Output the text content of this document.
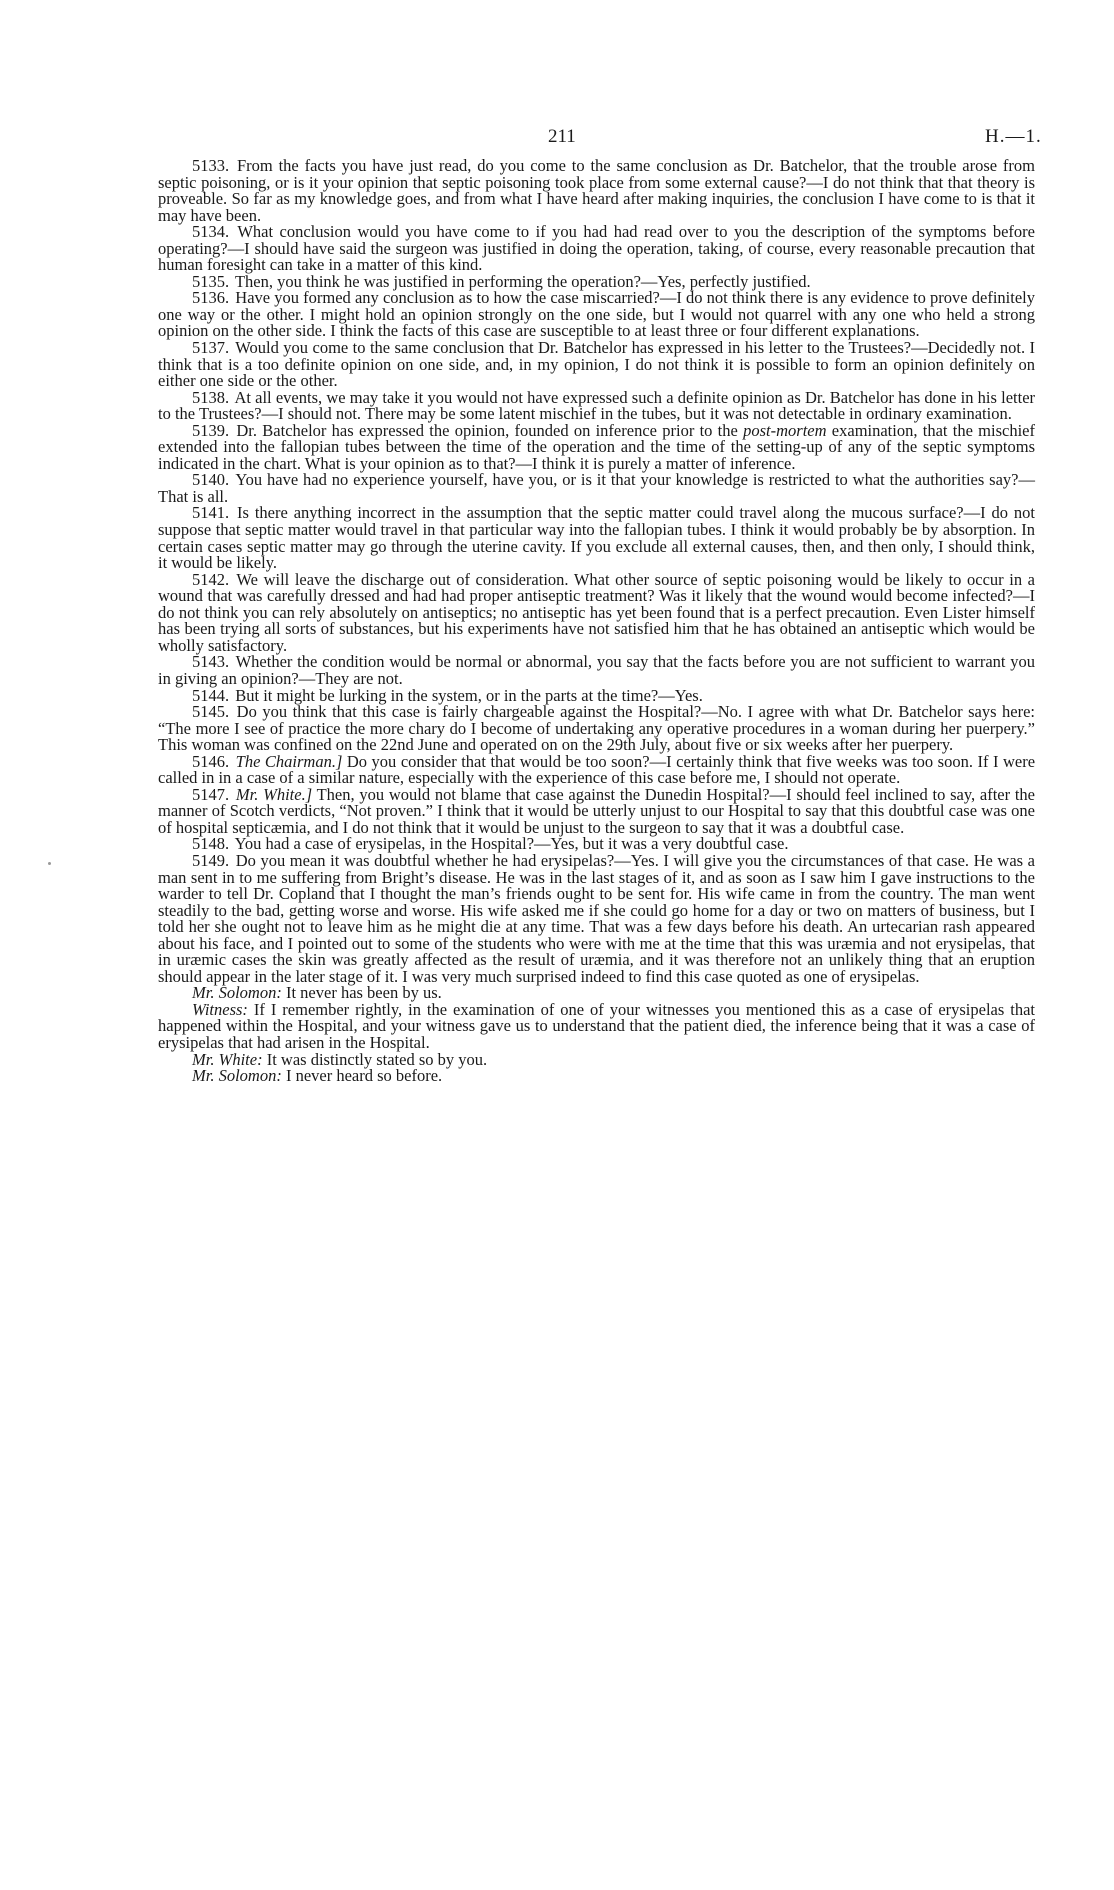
211	H.—1.

5133. From the facts you have just read, do you come to the same conclusion as Dr. Batchelor, that the trouble arose from septic poisoning, or is it your opinion that septic poisoning took place from some external cause?—I do not think that that theory is proveable. So far as my knowledge goes, and from what I have heard after making inquiries, the conclusion I have come to is that it may have been.

5134. What conclusion would you have come to if you had had read over to you the description of the symptoms before operating?—I should have said the surgeon was justified in doing the operation, taking, of course, every reasonable precaution that human foresight can take in a matter of this kind.

5135. Then, you think he was justified in performing the operation?—Yes, perfectly justified.

5136. Have you formed any conclusion as to how the case miscarried?—I do not think there is any evidence to prove definitely one way or the other. I might hold an opinion strongly on the one side, but I would not quarrel with any one who held a strong opinion on the other side. I think the facts of this case are susceptible to at least three or four different explanations.

5137. Would you come to the same conclusion that Dr. Batchelor has expressed in his letter to the Trustees?—Decidedly not. I think that is a too definite opinion on one side, and, in my opinion, I do not think it is possible to form an opinion definitely on either one side or the other.

5138. At all events, we may take it you would not have expressed such a definite opinion as Dr. Batchelor has done in his letter to the Trustees?—I should not. There may be some latent mischief in the tubes, but it was not detectable in ordinary examination.

5139. Dr. Batchelor has expressed the opinion, founded on inference prior to the post-mortem examination, that the mischief extended into the fallopian tubes between the time of the operation and the time of the setting-up of any of the septic symptoms indicated in the chart. What is your opinion as to that?—I think it is purely a matter of inference.

5140. You have had no experience yourself, have you, or is it that your knowledge is restricted to what the authorities say?—That is all.

5141. Is there anything incorrect in the assumption that the septic matter could travel along the mucous surface?—I do not suppose that septic matter would travel in that particular way into the fallopian tubes. I think it would probably be by absorption. In certain cases septic matter may go through the uterine cavity. If you exclude all external causes, then, and then only, I should think, it would be likely.

5142. We will leave the discharge out of consideration. What other source of septic poisoning would be likely to occur in a wound that was carefully dressed and had had proper antiseptic treatment? Was it likely that the wound would become infected?—I do not think you can rely absolutely on antiseptics; no antiseptic has yet been found that is a perfect precaution. Even Lister himself has been trying all sorts of substances, but his experiments have not satisfied him that he has obtained an antiseptic which would be wholly satisfactory.

5143. Whether the condition would be normal or abnormal, you say that the facts before you are not sufficient to warrant you in giving an opinion?—They are not.

5144. But it might be lurking in the system, or in the parts at the time?—Yes.

5145. Do you think that this case is fairly chargeable against the Hospital?—No. I agree with what Dr. Batchelor says here: “The more I see of practice the more chary do I become of undertaking any operative procedures in a woman during her puerpery.” This woman was confined on the 22nd June and operated on on the 29th July, about five or six weeks after her puerpery.

5146. The Chairman.] Do you consider that that would be too soon?—I certainly think that five weeks was too soon. If I were called in in a case of a similar nature, especially with the experience of this case before me, I should not operate.

5147. Mr. White.] Then, you would not blame that case against the Dunedin Hospital?—I should feel inclined to say, after the manner of Scotch verdicts, “Not proven.” I think that it would be utterly unjust to our Hospital to say that this doubtful case was one of hospital septicæmia, and I do not think that it would be unjust to the surgeon to say that it was a doubtful case.

5148. You had a case of erysipelas, in the Hospital?—Yes, but it was a very doubtful case.

5149. Do you mean it was doubtful whether he had erysipelas?—Yes. I will give you the circumstances of that case. He was a man sent in to me suffering from Bright’s disease. He was in the last stages of it, and as soon as I saw him I gave instructions to the warder to tell Dr. Copland that I thought the man’s friends ought to be sent for. His wife came in from the country. The man went steadily to the bad, getting worse and worse. His wife asked me if she could go home for a day or two on matters of business, but I told her she ought not to leave him as he might die at any time. That was a few days before his death. An urtecarian rash appeared about his face, and I pointed out to some of the students who were with me at the time that this was uræmia and not erysipelas, that in uræmic cases the skin was greatly affected as the result of uræmia, and it was therefore not an unlikely thing that an eruption should appear in the later stage of it. I was very much surprised indeed to find this case quoted as one of erysipelas.

Mr. Solomon: It never has been by us.

Witness: If I remember rightly, in the examination of one of your witnesses you mentioned this as a case of erysipelas that happened within the Hospital, and your witness gave us to understand that the patient died, the inference being that it was a case of erysipelas that had arisen in the Hospital.

Mr. White: It was distinctly stated so by you.

Mr. Solomon: I never heard so before.
